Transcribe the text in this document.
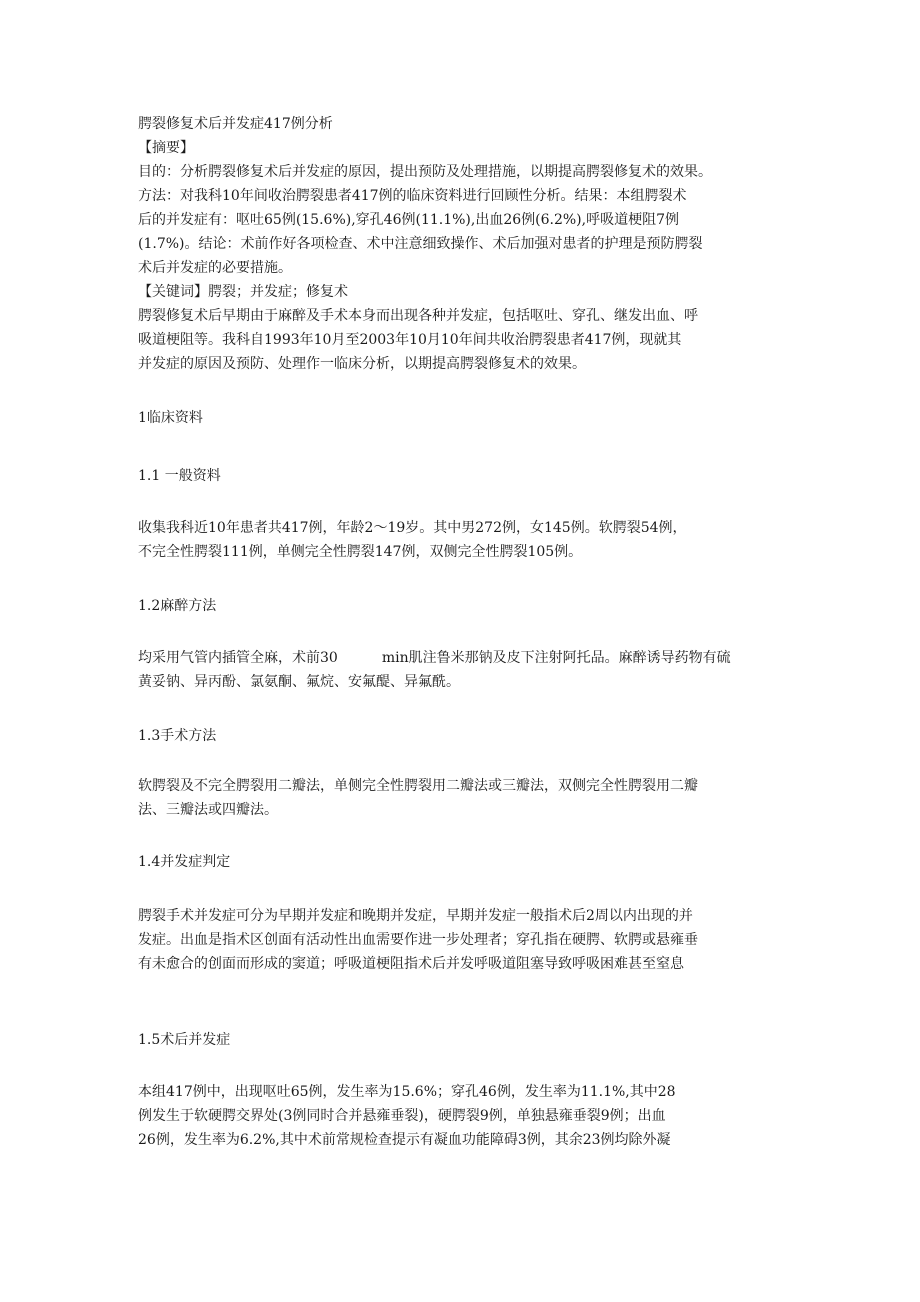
腭裂修复术后并发症417例分析
【摘要】
目的：分析腭裂修复术后并发症的原因，提出预防及处理措施，以期提高腭裂修复术的效果。
方法：对我科10年间收治腭裂患者417例的临床资料进行回顾性分析。结果：本组腭裂术
后的并发症有：呕吐65例(15.6%),穿孔46例(11.1%),出血26例(6.2%),呼吸道梗阻7例
(1.7%)。结论：术前作好各项检查、术中注意细致操作、术后加强对患者的护理是预防腭裂
术后并发症的必要措施。
【关键词】腭裂；并发症；修复术
腭裂修复术后早期由于麻醉及手术本身而出现各种并发症，包括呕吐、穿孔、继发出血、呼
吸道梗阻等。我科自1993年10月至2003年10月10年间共收治腭裂患者417例，现就其
并发症的原因及预防、处理作一临床分析，以期提高腭裂修复术的效果。
1临床资料
1.1 一般资料
收集我科近10年患者共417例，年龄2～19岁。其中男272例，女145例。软腭裂54例，
不完全性腭裂111例，单侧完全性腭裂147例，双侧完全性腭裂105例。
1.2麻醉方法
均采用气管内插管全麻，术前30	min肌注鲁米那钠及皮下注射阿托品。麻醉诱导药物有硫
黄妥钠、异丙酚、氯氨酮、氟烷、安氟醍、异氟酰。
1.3手术方法
软腭裂及不完全腭裂用二瓣法，单侧完全性腭裂用二瓣法或三瓣法，双侧完全性腭裂用二瓣
法、三瓣法或四瓣法。
1.4并发症判定
腭裂手术并发症可分为早期并发症和晚期并发症，早期并发症一般指术后2周以内出现的并
发症。出血是指术区创面有活动性出血需要作进一步处理者；穿孔指在硬腭、软腭或悬雍垂
有未愈合的创面而形成的窦道；呼吸道梗阻指术后并发呼吸道阻塞导致呼吸困难甚至窒息
1.5术后并发症
本组417例中，出现呕吐65例，发生率为15.6%；穿孔46例，发生率为11.1%,其中28
例发生于软硬腭交界处(3例同时合并悬雍垂裂)，硬腭裂9例，单独悬雍垂裂9例；出血
26例，发生率为6.2%,其中术前常规检查提示有凝血功能障碍3例，其余23例均除外凝
